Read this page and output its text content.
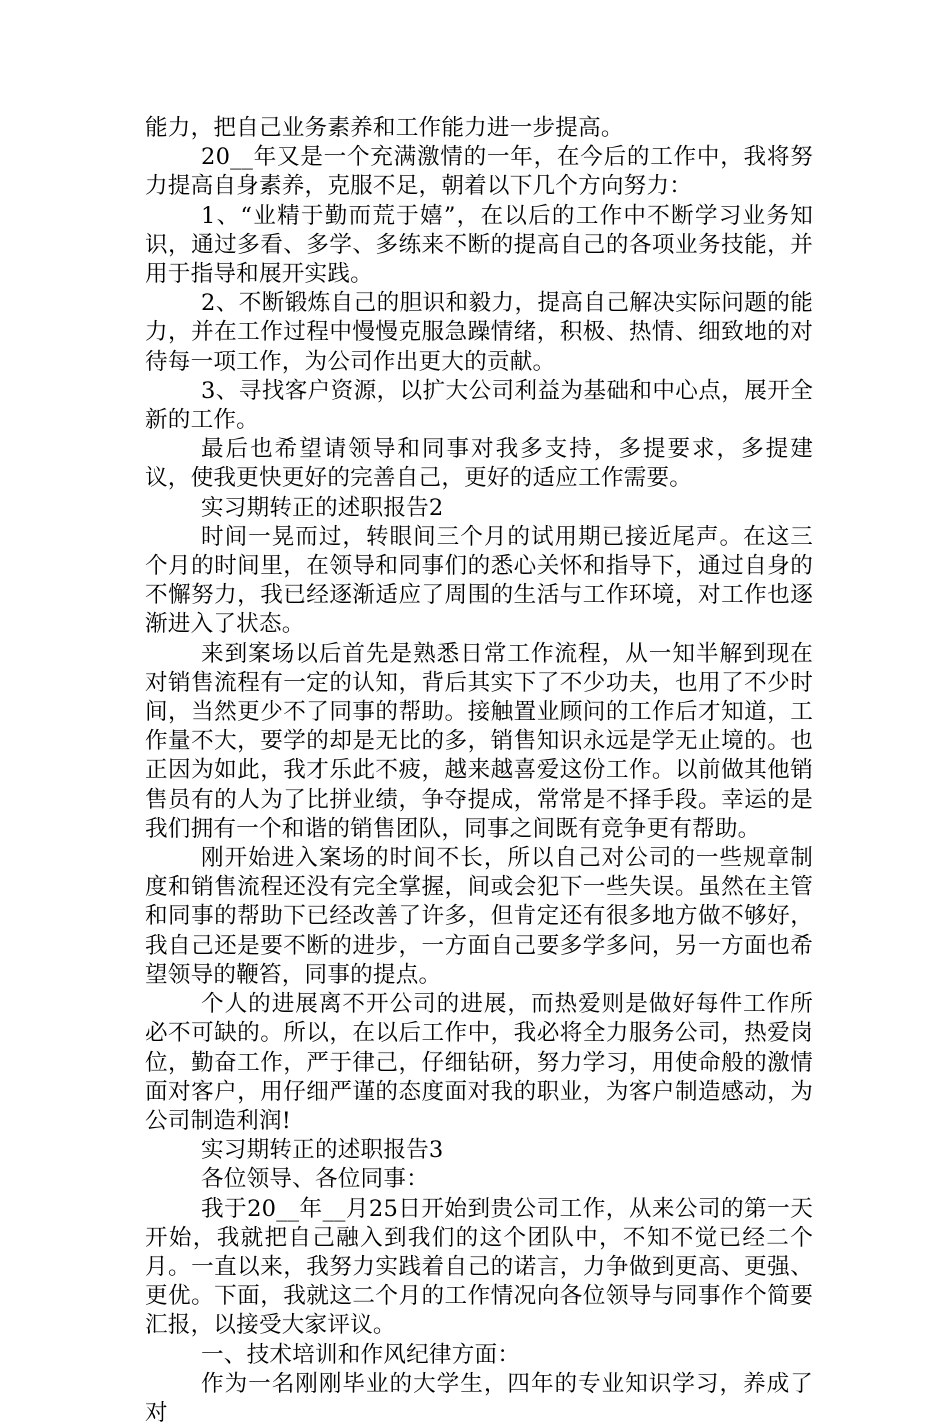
能力，把自己业务素养和工作能力进一步提高。

20__年又是一个充满激情的一年，在今后的工作中，我将努力提高自身素养，克服不足，朝着以下几个方向努力：

1、“业精于勤而荒于嬉”，在以后的工作中不断学习业务知识，通过多看、多学、多练来不断的提高自己的各项业务技能，并用于指导和展开实践。

2、不断锻炼自己的胆识和毅力，提高自己解决实际问题的能力，并在工作过程中慢慢克服急躁情绪，积极、热情、细致地的对待每一项工作，为公司作出更大的贡献。

3、寻找客户资源，以扩大公司利益为基础和中心点，展开全新的工作。

最后也希望请领导和同事对我多支持，多提要求，多提建议，使我更快更好的完善自己，更好的适应工作需要。

实习期转正的述职报告2

时间一晃而过，转眼间三个月的试用期已接近尾声。在这三个月的时间里，在领导和同事们的悉心关怀和指导下，通过自身的不懈努力，我已经逐渐适应了周围的生活与工作环境，对工作也逐渐进入了状态。

来到案场以后首先是熟悉日常工作流程，从一知半解到现在对销售流程有一定的认知，背后其实下了不少功夫，也用了不少时间，当然更少不了同事的帮助。接触置业顾问的工作后才知道，工作量不大，要学的却是无比的多，销售知识永远是学无止境的。也正因为如此，我才乐此不疲，越来越喜爱这份工作。以前做其他销售员有的人为了比拼业绩，争夺提成，常常是不择手段。幸运的是我们拥有一个和谐的销售团队，同事之间既有竞争更有帮助。

刚开始进入案场的时间不长，所以自己对公司的一些规章制度和销售流程还没有完全掌握，间或会犯下一些失误。虽然在主管和同事的帮助下已经改善了许多，但肯定还有很多地方做不够好，我自己还是要不断的进步，一方面自己要多学多问，另一方面也希望领导的鞭笞，同事的提点。

个人的进展离不开公司的进展，而热爱则是做好每件工作所必不可缺的。所以，在以后工作中，我必将全力服务公司，热爱岗位，勤奋工作，严于律己，仔细钻研，努力学习，用使命般的激情面对客户，用仔细严谨的态度面对我的职业，为客户制造感动，为公司制造利润!

实习期转正的述职报告3

各位领导、各位同事：

我于20__年__月25日开始到贵公司工作，从来公司的第一天开始，我就把自己融入到我们的这个团队中，不知不觉已经二个月。一直以来，我努力实践着自己的诺言，力争做到更高、更强、更优。下面，我就这二个月的工作情况向各位领导与同事作个简要汇报，以接受大家评议。

一、技术培训和作风纪律方面：

作为一名刚刚毕业的大学生，四年的专业知识学习，养成了对
